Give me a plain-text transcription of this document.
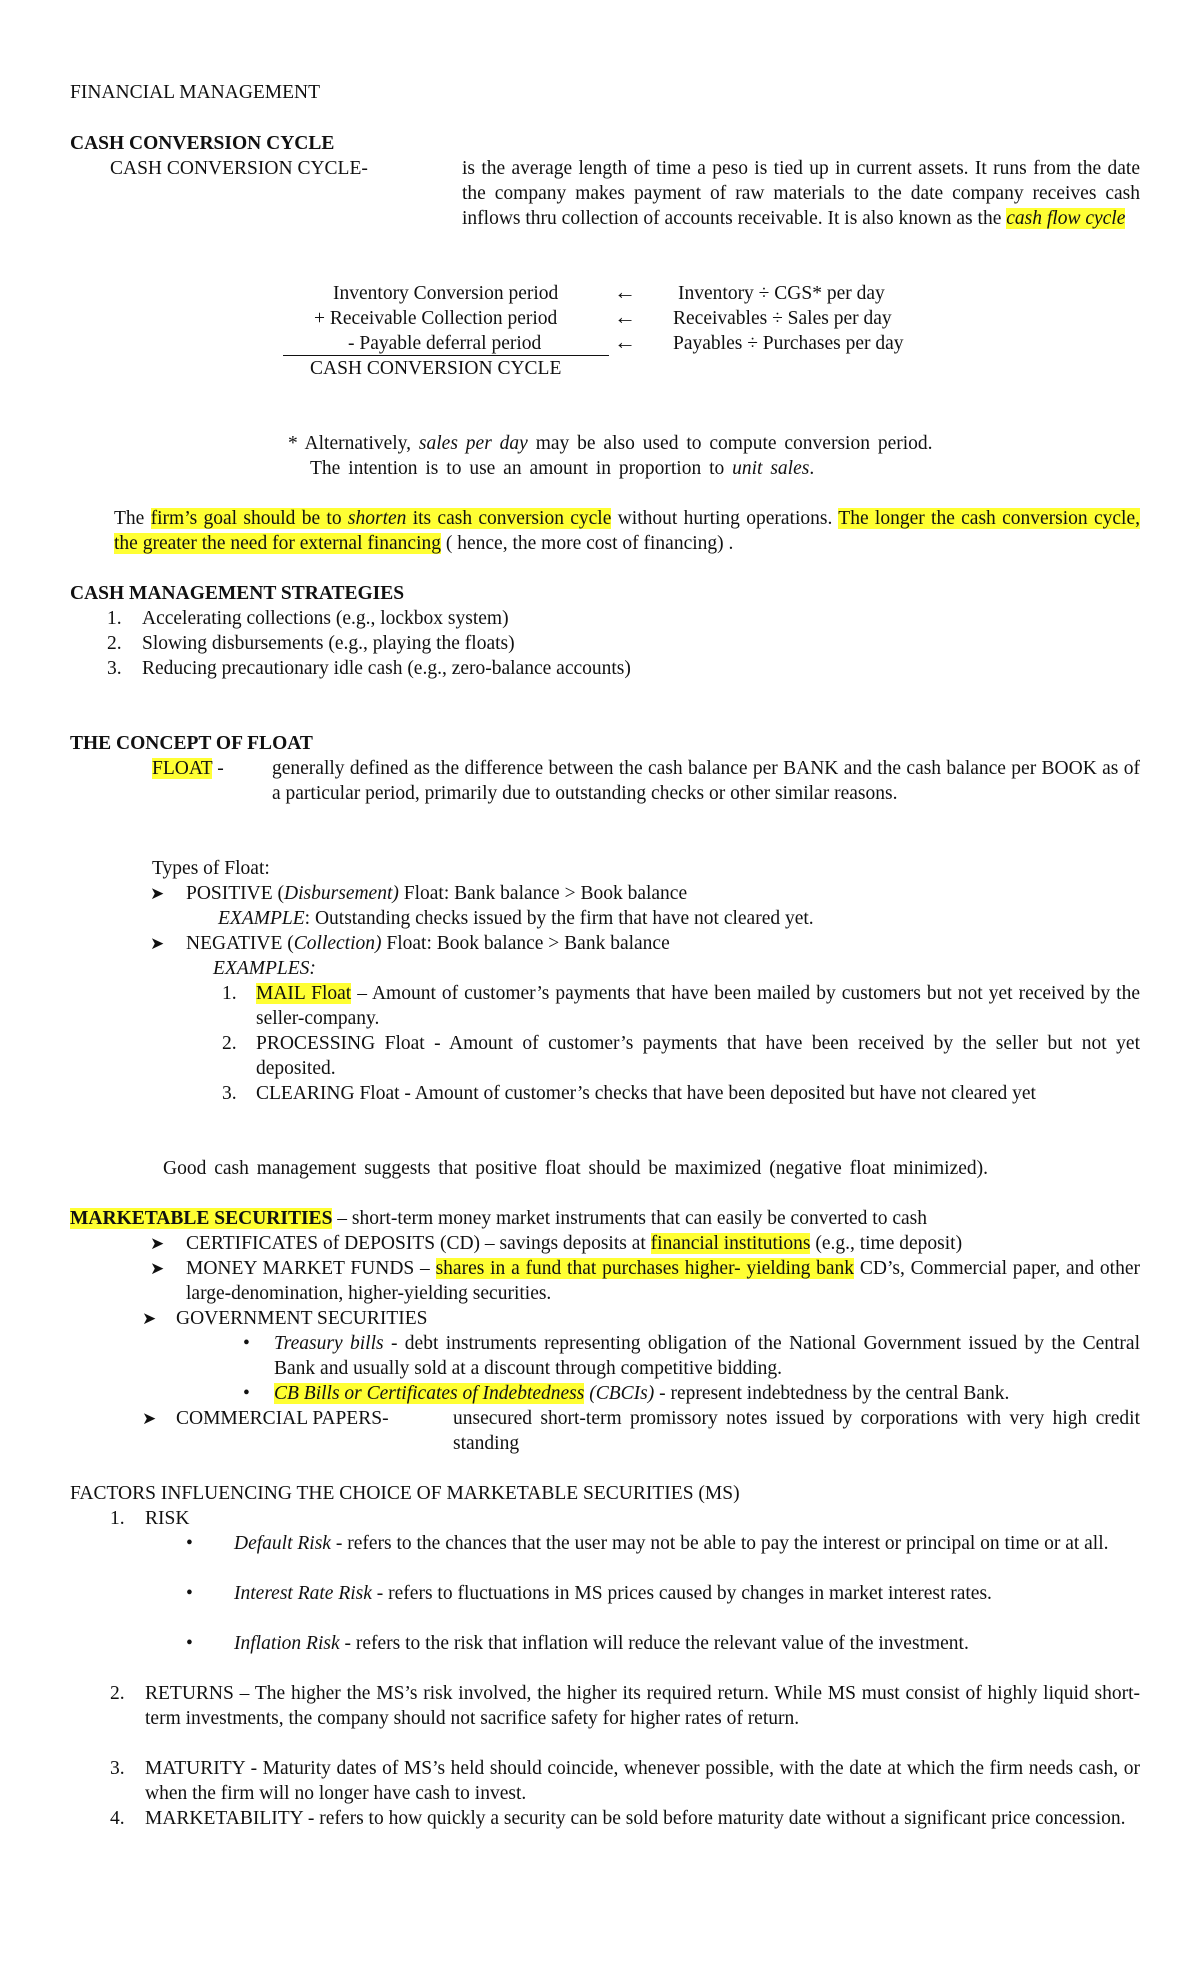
FINANCIAL MANAGEMENT
CASH CONVERSION CYCLE
CASH CONVERSION CYCLE-	is the average length of time a peso is tied up in current assets. It runs from the date the company makes payment of raw materials to the date company receives cash inflows thru collection of accounts receivable. It is also known as the cash flow cycle
Inventory Conversion period
+ Receivable Collection period
- Payable deferral period
CASH CONVERSION CYCLE
←
←
←
Inventory ÷ CGS* per day
Receivables ÷ Sales per day
Payables ÷ Purchases per day
* Alternatively, sales per day may be also used to compute conversion period.
The intention is to use an amount in proportion to unit sales.
The firm’s goal should be to shorten its cash conversion cycle without hurting operations. The longer the cash conversion cycle, the greater the need for external financing ( hence, the more cost of financing) .
CASH MANAGEMENT STRATEGIES
1. Accelerating collections (e.g., lockbox system)
2. Slowing disbursements (e.g., playing the floats)
3. Reducing precautionary idle cash (e.g., zero-balance accounts)
THE CONCEPT OF FLOAT
FLOAT - generally defined as the difference between the cash balance per BANK and the cash balance per BOOK as of a particular period, primarily due to outstanding checks or other similar reasons.
Types of Float:
➤ POSITIVE (Disbursement) Float: Bank balance > Book balance
EXAMPLE: Outstanding checks issued by the firm that have not cleared yet.
➤ NEGATIVE (Collection) Float: Book balance > Bank balance
EXAMPLES:
1. MAIL Float – Amount of customer’s payments that have been mailed by customers but not yet received by the seller-company.
2. PROCESSING Float - Amount of customer’s payments that have been received by the seller but not yet deposited.
3. CLEARING Float - Amount of customer’s checks that have been deposited but have not cleared yet
Good cash management suggests that positive float should be maximized (negative float minimized).
MARKETABLE SECURITIES – short-term money market instruments that can easily be converted to cash
➤ CERTIFICATES of DEPOSITS (CD) – savings deposits at financial institutions (e.g., time deposit)
➤ MONEY MARKET FUNDS – shares in a fund that purchases higher- yielding bank CD’s, Commercial paper, and other large-denomination, higher-yielding securities.
➤ GOVERNMENT SECURITIES
• Treasury bills - debt instruments representing obligation of the National Government issued by the Central Bank and usually sold at a discount through competitive bidding.
• CB Bills or Certificates of Indebtedness (CBCIs) - represent indebtedness by the central Bank.
➤ COMMERCIAL PAPERS-	unsecured short-term promissory notes issued by corporations with very high credit standing
FACTORS INFLUENCING THE CHOICE OF MARKETABLE SECURITIES (MS)
1. RISK
• Default Risk - refers to the chances that the user may not be able to pay the interest or principal on time or at all.
• Interest Rate Risk - refers to fluctuations in MS prices caused by changes in market interest rates.
• Inflation Risk - refers to the risk that inflation will reduce the relevant value of the investment.
2. RETURNS – The higher the MS’s risk involved, the higher its required return. While MS must consist of highly liquid short-term investments, the company should not sacrifice safety for higher rates of return.
3. MATURITY - Maturity dates of MS’s held should coincide, whenever possible, with the date at which the firm needs cash, or when the firm will no longer have cash to invest.
4. MARKETABILITY - refers to how quickly a security can be sold before maturity date without a significant price concession.
